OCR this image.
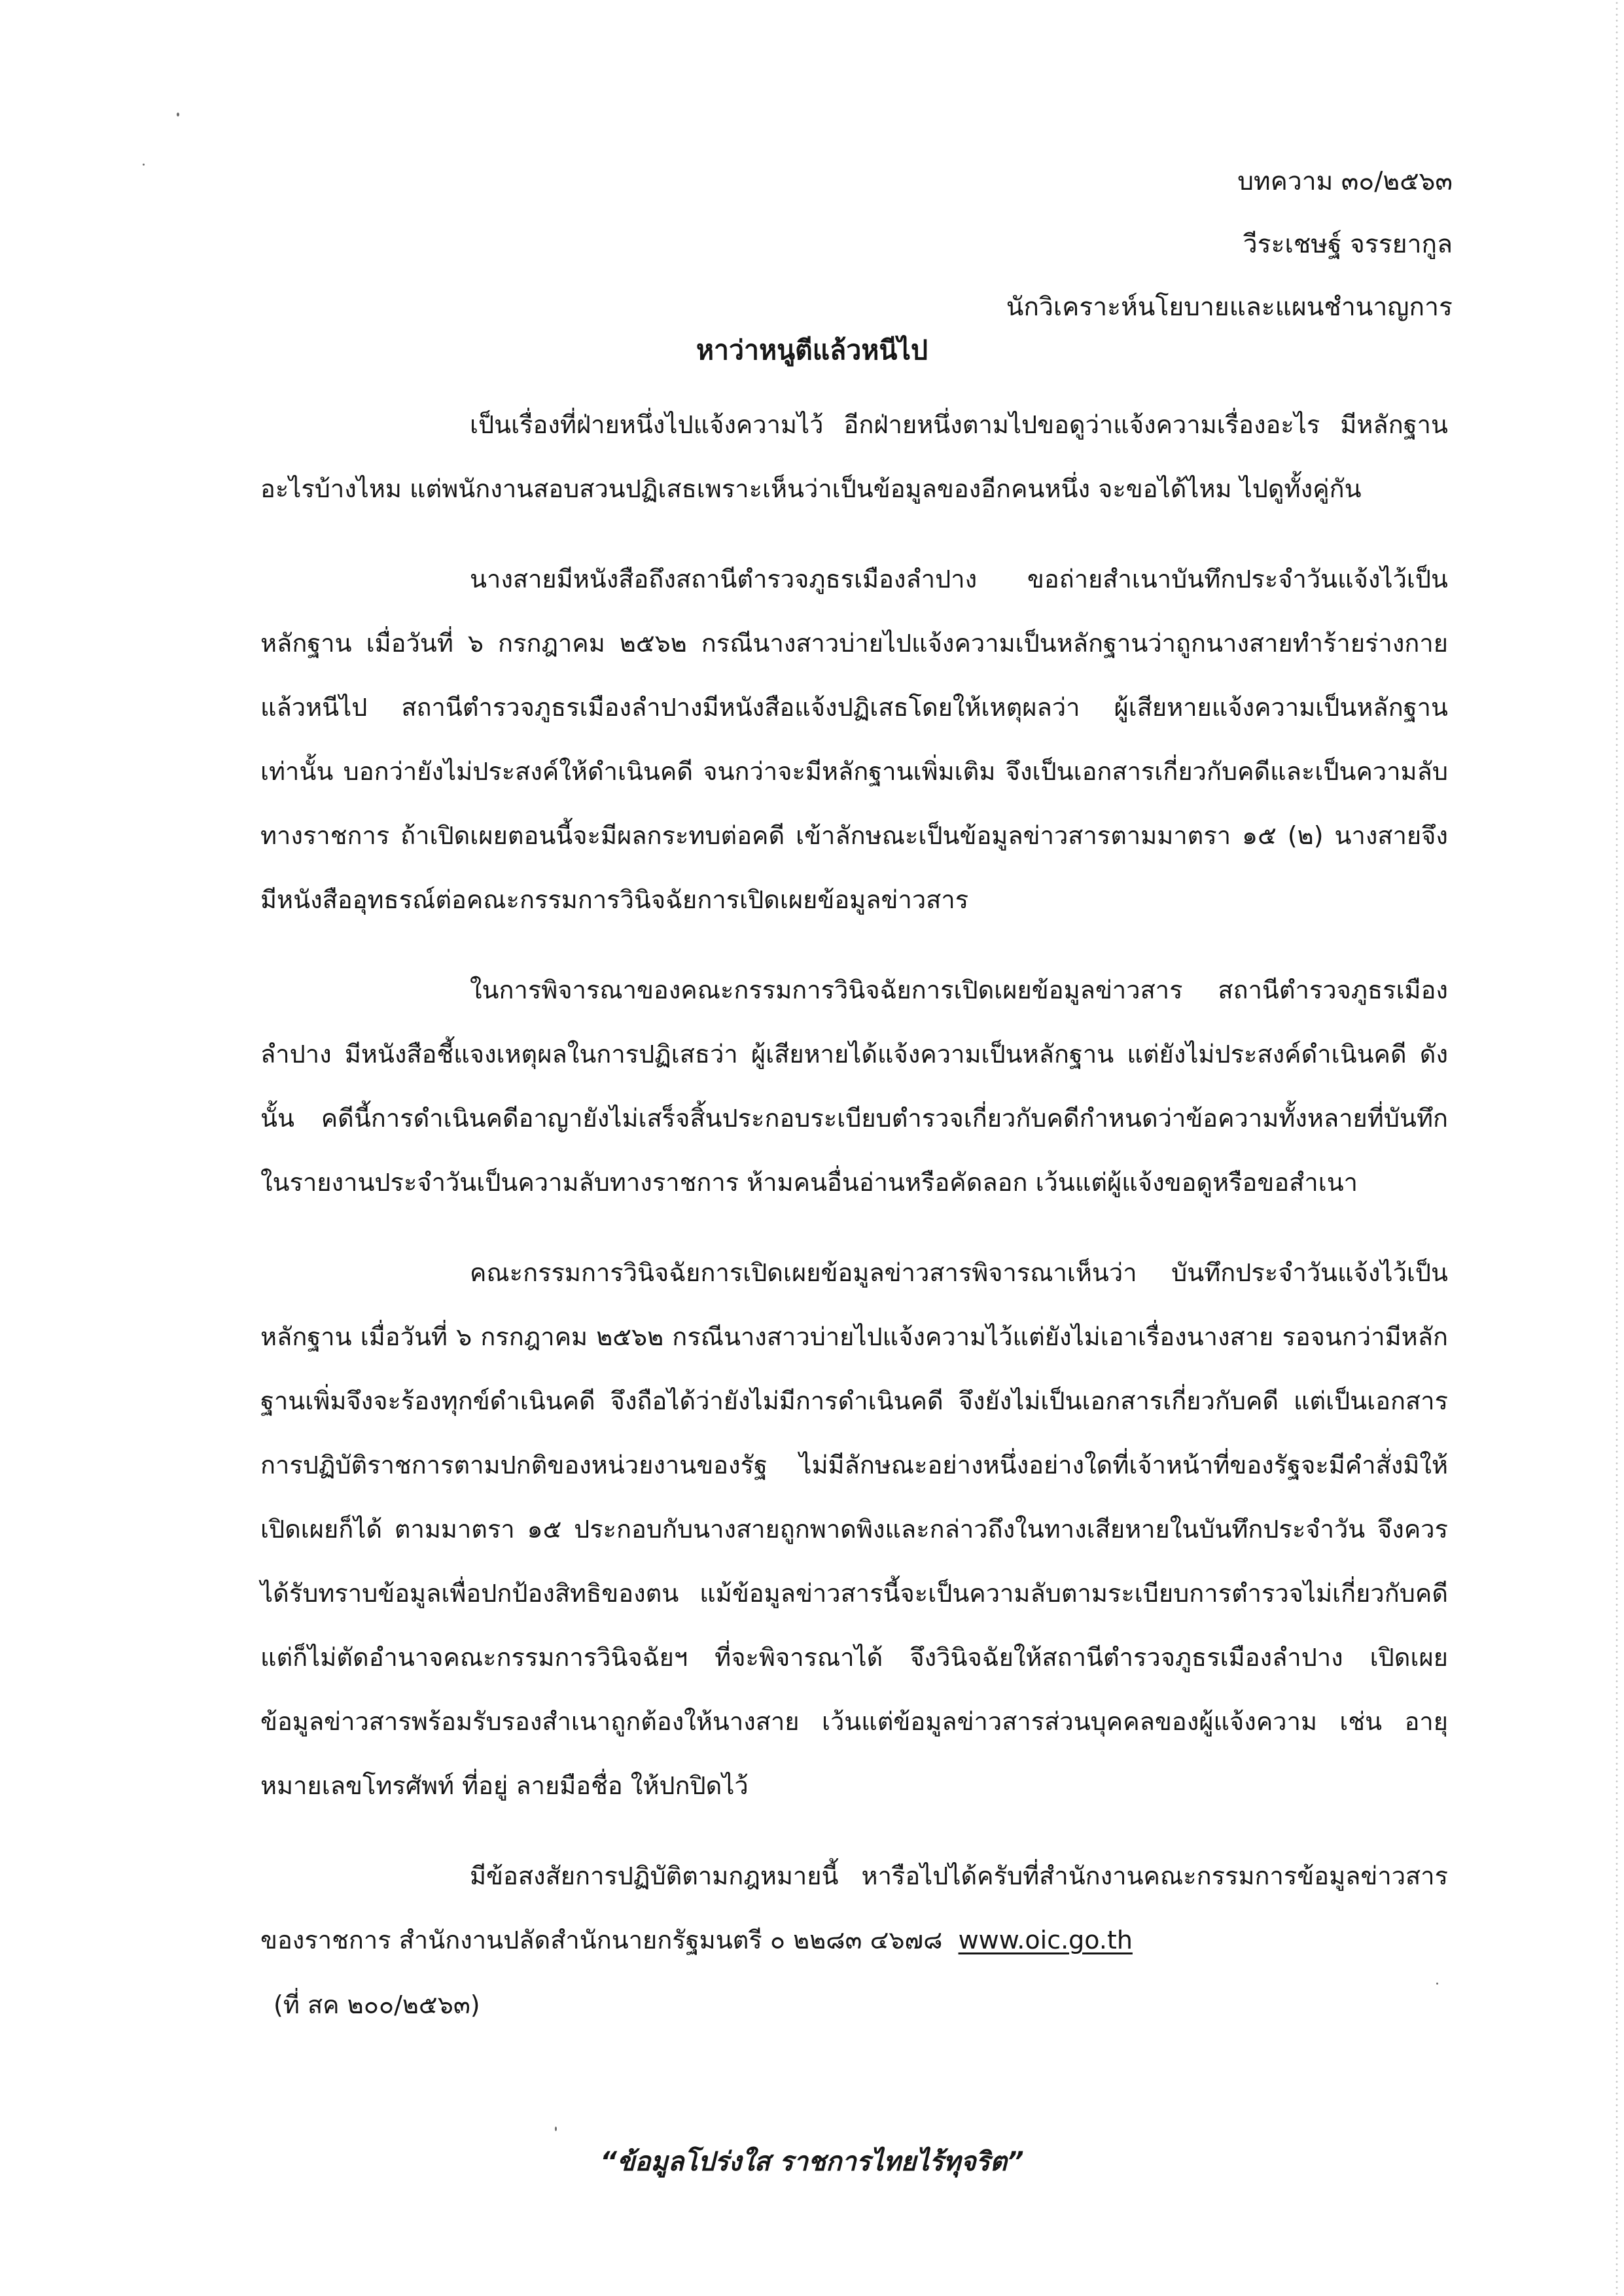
บทความ ๓๐/๒๕๖๓
วีระเชษฐ์ จรรยากูล
นักวิเคราะห์นโยบายและแผนชำนาญการ
หาว่าหนูตีแล้วหนีไป

เป็นเรื่องที่ฝ่ายหนึ่งไปแจ้งความไว้ อีกฝ่ายหนึ่งตามไปขอดูว่าแจ้งความเรื่องอะไร มีหลักฐานอะไรบ้างไหม แต่พนักงานสอบสวนปฏิเสธเพราะเห็นว่าเป็นข้อมูลของอีกคนหนึ่ง จะขอได้ไหม ไปดูทั้งคู่กัน

นางสายมีหนังสือถึงสถานีตำรวจภูธรเมืองลำปาง ขอถ่ายสำเนาบันทึกประจำวันแจ้งไว้เป็นหลักฐาน เมื่อวันที่ ๖ กรกฎาคม ๒๕๖๒ กรณีนางสาวบ่ายไปแจ้งความเป็นหลักฐานว่าถูกนางสายทำร้ายร่างกายแล้วหนีไป สถานีตำรวจภูธรเมืองลำปางมีหนังสือแจ้งปฏิเสธโดยให้เหตุผลว่า ผู้เสียหายแจ้งความเป็นหลักฐานเท่านั้น บอกว่ายังไม่ประสงค์ให้ดำเนินคดี จนกว่าจะมีหลักฐานเพิ่มเติม จึงเป็นเอกสารเกี่ยวกับคดีและเป็นความลับทางราชการ ถ้าเปิดเผยตอนนี้จะมีผลกระทบต่อคดี เข้าลักษณะเป็นข้อมูลข่าวสารตามมาตรา ๑๕ (๒) นางสายจึงมีหนังสืออุทธรณ์ต่อคณะกรรมการวินิจฉัยการเปิดเผยข้อมูลข่าวสาร

ในการพิจารณาของคณะกรรมการวินิจฉัยการเปิดเผยข้อมูลข่าวสาร สถานีตำรวจภูธรเมืองลำปาง มีหนังสือชี้แจงเหตุผลในการปฏิเสธว่า ผู้เสียหายได้แจ้งความเป็นหลักฐาน แต่ยังไม่ประสงค์ดำเนินคดี ดังนั้น คดีนี้การดำเนินคดีอาญายังไม่เสร็จสิ้นประกอบระเบียบตำรวจเกี่ยวกับคดีกำหนดว่าข้อความทั้งหลายที่บันทึกในรายงานประจำวันเป็นความลับทางราชการ ห้ามคนอื่นอ่านหรือคัดลอก เว้นแต่ผู้แจ้งขอดูหรือขอสำเนา

คณะกรรมการวินิจฉัยการเปิดเผยข้อมูลข่าวสารพิจารณาเห็นว่า บันทึกประจำวันแจ้งไว้เป็นหลักฐาน เมื่อวันที่ ๖ กรกฎาคม ๒๕๖๒ กรณีนางสาวบ่ายไปแจ้งความไว้แต่ยังไม่เอาเรื่องนางสาย รอจนกว่ามีหลักฐานเพิ่มจึงจะร้องทุกข์ดำเนินคดี จึงถือได้ว่ายังไม่มีการดำเนินคดี จึงยังไม่เป็นเอกสารเกี่ยวกับคดี แต่เป็นเอกสารการปฏิบัติราชการตามปกติของหน่วยงานของรัฐ ไม่มีลักษณะอย่างหนึ่งอย่างใดที่เจ้าหน้าที่ของรัฐจะมีคำสั่งมิให้เปิดเผยก็ได้ ตามมาตรา ๑๕ ประกอบกับนางสายถูกพาดพิงและกล่าวถึงในทางเสียหายในบันทึกประจำวัน จึงควรได้รับทราบข้อมูลเพื่อปกป้องสิทธิของตน แม้ข้อมูลข่าวสารนี้จะเป็นความลับตามระเบียบการตำรวจไม่เกี่ยวกับคดี แต่ก็ไม่ตัดอำนาจคณะกรรมการวินิจฉัยฯ ที่จะพิจารณาได้ จึงวินิจฉัยให้สถานีตำรวจภูธรเมืองลำปาง เปิดเผยข้อมูลข่าวสารพร้อมรับรองสำเนาถูกต้องให้นางสาย เว้นแต่ข้อมูลข่าวสารส่วนบุคคลของผู้แจ้งความ เช่น อายุ หมายเลขโทรศัพท์ ที่อยู่ ลายมือชื่อ ให้ปกปิดไว้

มีข้อสงสัยการปฏิบัติตามกฎหมายนี้ หารือไปได้ครับที่สำนักงานคณะกรรมการข้อมูลข่าวสารของราชการ สำนักงานปลัดสำนักนายกรัฐมนตรี ๐ ๒๒๘๓ ๔๖๗๘ www.oic.go.th

(ที่ สค ๒๐๐/๒๕๖๓)
“ข้อมูลโปร่งใส ราชการไทยไร้ทุจริต”
